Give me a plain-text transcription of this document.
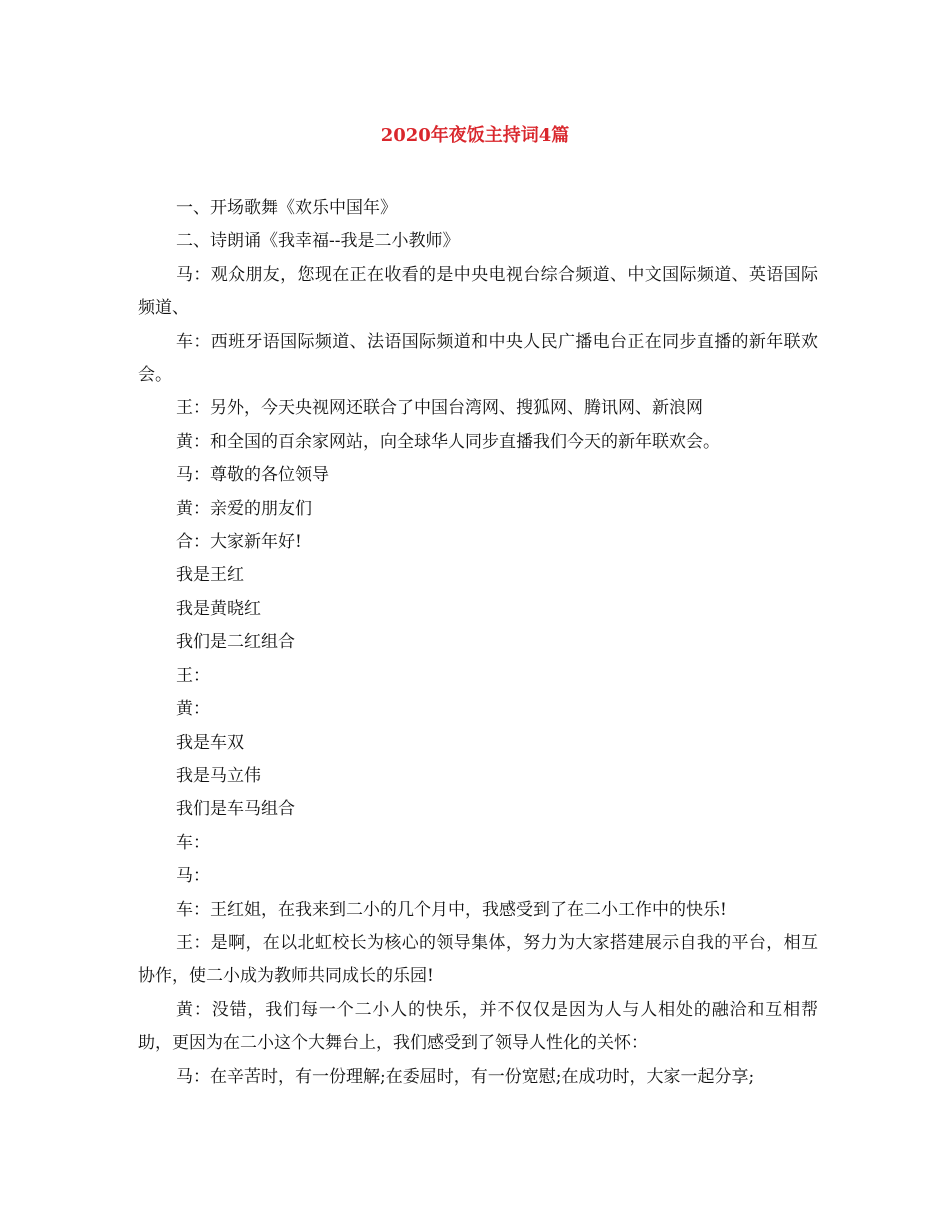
2020年夜饭主持词4篇

一、开场歌舞《欢乐中国年》

二、诗朗诵《我幸福--我是二小教师》

马：观众朋友，您现在正在收看的是中央电视台综合频道、中文国际频道、英语国际频道、

车：西班牙语国际频道、法语国际频道和中央人民广播电台正在同步直播的新年联欢会。

王：另外，今天央视网还联合了中国台湾网、搜狐网、腾讯网、新浪网

黄：和全国的百余家网站，向全球华人同步直播我们今天的新年联欢会。

马：尊敬的各位领导

黄：亲爱的朋友们

合：大家新年好!

我是王红

我是黄晓红

我们是二红组合

王：

黄：

我是车双

我是马立伟

我们是车马组合

车：

马：

车：王红姐，在我来到二小的几个月中，我感受到了在二小工作中的快乐!

王：是啊，在以北虹校长为核心的领导集体，努力为大家搭建展示自我的平台，相互协作，使二小成为教师共同成长的乐园!

黄：没错，我们每一个二小人的快乐，并不仅仅是因为人与人相处的融洽和互相帮助，更因为在二小这个大舞台上，我们感受到了领导人性化的关怀：

马：在辛苦时，有一份理解;在委屈时，有一份宽慰;在成功时，大家一起分享;
